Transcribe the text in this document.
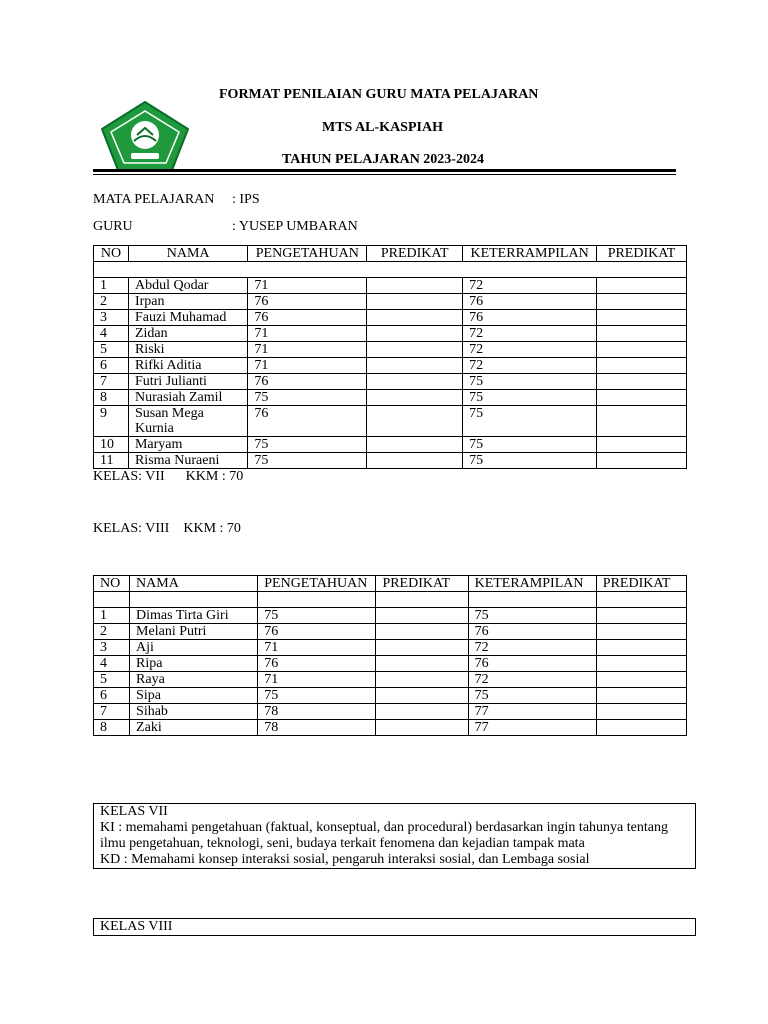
FORMAT PENILAIAN GURU MATA PELAJARAN
MTS AL-KASPIAH
TAHUN PELAJARAN 2023-2024
MATA PELAJARAN : IPS
GURU	: YUSEP UMBARAN
NO	NAMA	PENGETAHUAN	PREDIKAT	KETERRAMPILAN	PREDIKAT

1	Abdul Qodar	71		72	
2	Irpan	76		76	
3	Fauzi Muhamad	76		76	
4	Zidan	71		72	
5	Riski	71		72	
6	Rifki Aditia	71		72	
7	Futri Julianti	76		75	
8	Nurasiah Zamil	75		75	
9	Susan Mega Kurnia	76		75	
10	Maryam	75		75	
11	Risma Nuraeni	75		75	
KELAS: VII      KKM : 70
KELAS: VIII    KKM : 70
NO	NAMA	PENGETAHUAN	PREDIKAT	KETERAMPILAN	PREDIKAT

1	Dimas Tirta Giri	75		75	
2	Melani Putri	76		76	
3	Aji	71		72	
4	Ripa	76		76	
5	Raya	71		72	
6	Sipa	75		75	
7	Sihab	78		77	
8	Zaki	78		77	
KELAS VII
KI : memahami pengetahuan (faktual, konseptual, dan procedural) berdasarkan ingin tahunya tentang ilmu pengetahuan, teknologi, seni, budaya terkait fenomena dan kejadian tampak mata
KD : Memahami konsep interaksi sosial, pengaruh interaksi sosial, dan Lembaga sosial
KELAS VIII
